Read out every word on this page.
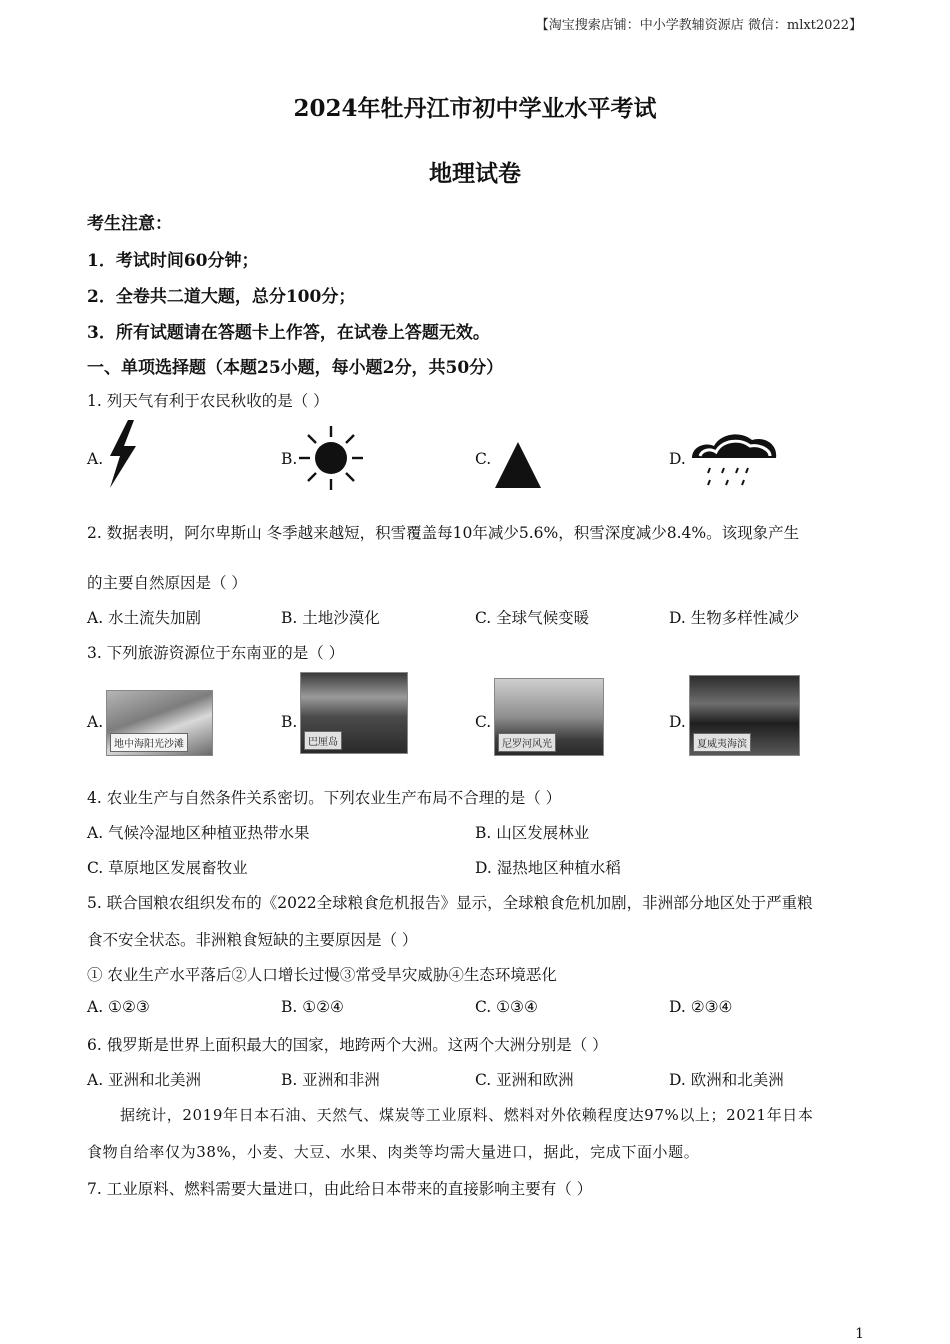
【淘宝搜索店铺：中小学教辅资源店 微信：mlxt2022】
2024年牡丹江市初中学业水平考试
地理试卷
考生注意：
1．考试时间60分钟；
2．全卷共二道大题，总分100分；
3．所有试题请在答题卡上作答，在试卷上答题无效。
一、单项选择题（本题25小题，每小题2分，共50分）
1. 列天气有利于农民秋收的是（ ）
A.	B.	C.	D.
2. 数据表明，阿尔卑斯山 冬季越来越短，积雪覆盖每10年减少5.6%，积雪深度减少8.4%。该现象产生
的主要自然原因是（ ）
A. 水土流失加剧	B. 土地沙漠化	C. 全球气候变暖	D. 生物多样性减少
3. 下列旅游资源位于东南亚的是（ ）
A.
地中海阳光沙滩
B.
巴厘岛
C.
尼罗河风光
D.
夏威夷海滨
4. 农业生产与自然条件关系密切。下列农业生产布局不合理的是（ ）
A. 气候冷湿地区种植亚热带水果	B. 山区发展林业
C. 草原地区发展畜牧业	D. 湿热地区种植水稻
5. 联合国粮农组织发布的《2022全球粮食危机报告》显示，全球粮食危机加剧，非洲部分地区处于严重粮
食不安全状态。非洲粮食短缺的主要原因是（ ）
① 农业生产水平落后②人口增长过慢③常受旱灾威胁④生态环境恶化
A. ①②③	B. ①②④	C. ①③④	D. ②③④
6. 俄罗斯是世界上面积最大的国家，地跨两个大洲。这两个大洲分别是（ ）
A. 亚洲和北美洲	B. 亚洲和非洲	C. 亚洲和欧洲	D. 欧洲和北美洲
据统计，2019年日本石油、天然气、煤炭等工业原料、燃料对外依赖程度达97%以上；2021年日本
食物自给率仅为38%，小麦、大豆、水果、肉类等均需大量进口，据此，完成下面小题。
7. 工业原料、燃料需要大量进口，由此给日本带来的直接影响主要有（ ）
1
